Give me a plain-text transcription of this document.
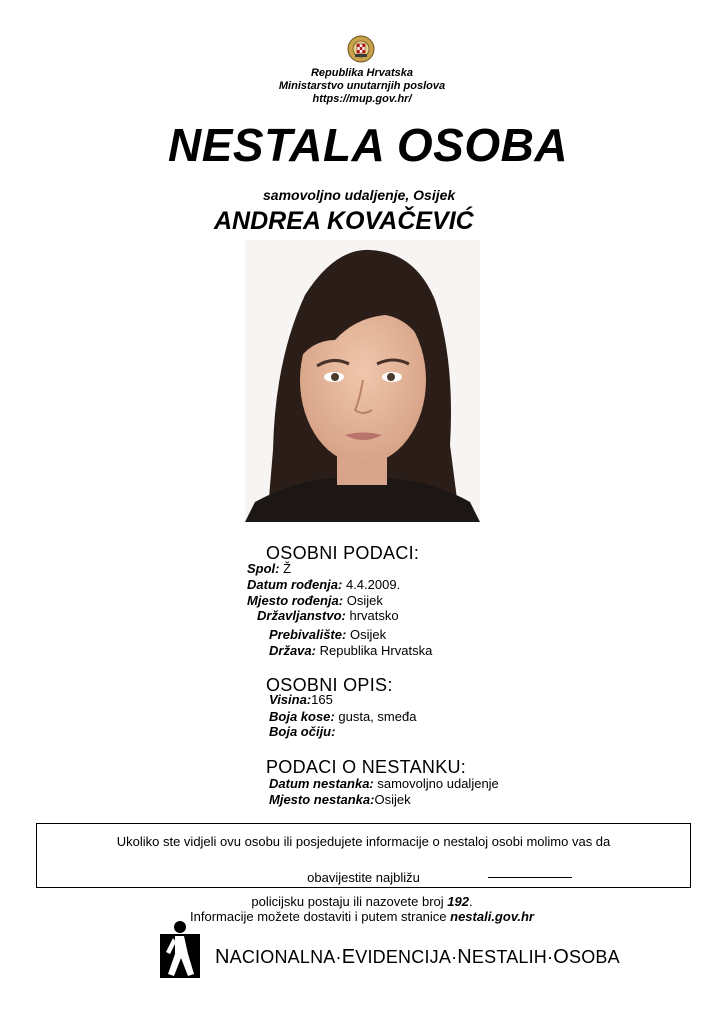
Republika Hrvatska
Ministarstvo unutarnjih poslova
https://mup.gov.hr/
NESTALA OSOBA
samovoljno udaljenje, Osijek
ANDREA KOVAČEVIĆ
OSOBNI PODACI:
Spol: Ž
Datum rođenja: 4.4.2009.
Mjesto rođenja: Osijek
Državljanstvo: hrvatsko
Prebivalište: Osijek
Država: Republika Hrvatska
OSOBNI OPIS:
Visina:165
Boja kose: gusta, smeđa
Boja očiju:
PODACI O NESTANKU:
Datum nestanka: samovoljno udaljenje
Mjesto nestanka:Osijek
Ukoliko ste vidjeli ovu osobu ili posjedujete informacije o nestaloj osobi molimo vas da
obavijestite najbližu
policijsku postaju ili nazovete broj 192.
Informacije možete dostaviti i putem stranice nestali.gov.hr
NACIONALNA·EVIDENCIJA·NESTALIH·OSOBA
